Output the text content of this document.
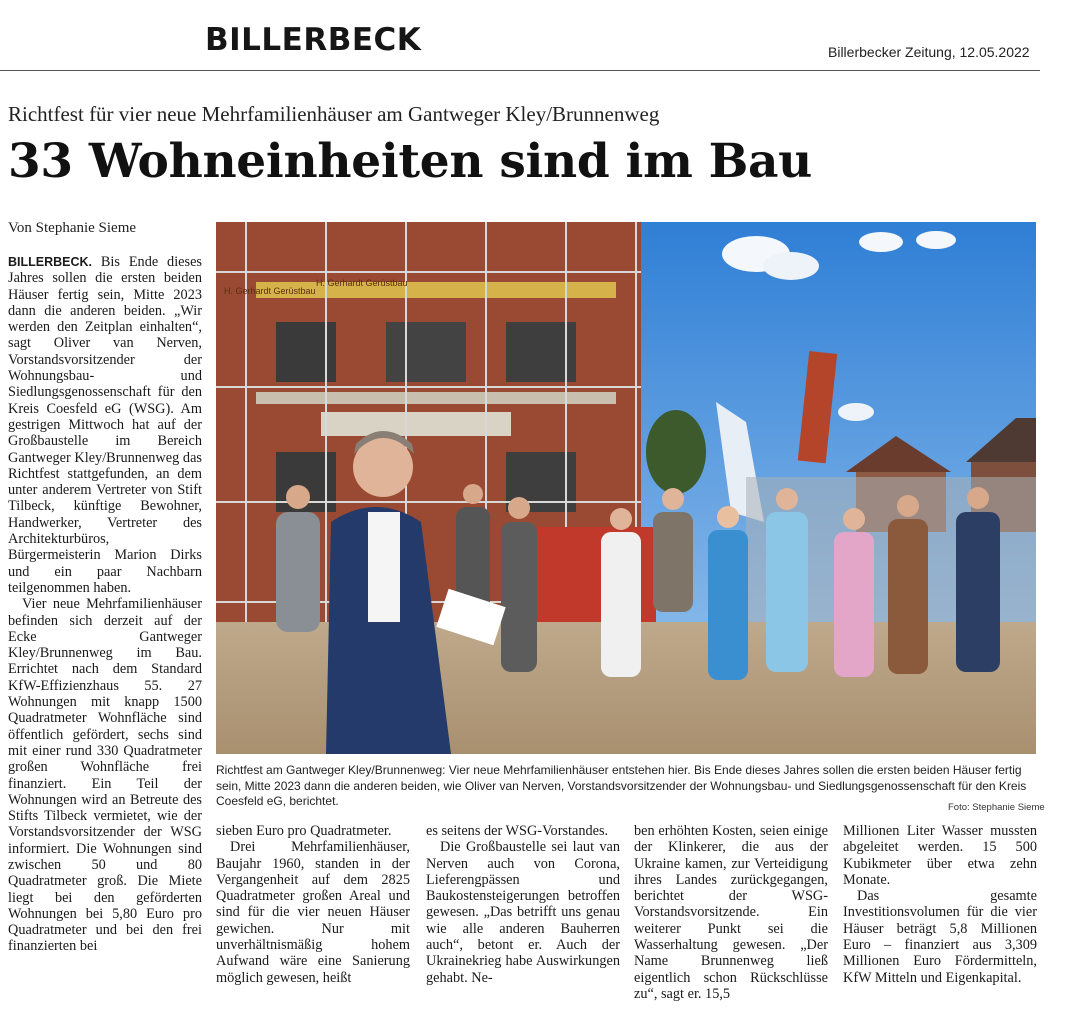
BILLERBECK	Billerbecker Zeitung, 12.05.2022
Richtfest für vier neue Mehrfamilienhäuser am Gantweger Kley/Brunnenweg
33 Wohneinheiten sind im Bau
Von Stephanie Sieme

BILLERBECK. Bis Ende dieses Jahres sollen die ersten beiden Häuser fertig sein, Mitte 2023 dann die anderen beiden. „Wir werden den Zeitplan einhalten“, sagt Oliver van Nerven, Vorstandsvorsitzender der Wohnungsbau- und Siedlungsgenossenschaft für den Kreis Coesfeld eG (WSG). Am gestrigen Mittwoch hat auf der Großbaustelle im Bereich Gantweger Kley/Brunnenweg das Richtfest stattgefunden, an dem unter anderem Vertreter von Stift Tilbeck, künftige Bewohner, Handwerker, Vertreter des Architekturbüros, Bürgermeisterin Marion Dirks und ein paar Nachbarn teilgenommen haben.

Vier neue Mehrfamilienhäuser befinden sich derzeit auf der Ecke Gantweger Kley/Brunnenweg im Bau. Errichtet nach dem Standard KfW-Effizienzhaus 55. 27 Wohnungen mit knapp 1500 Quadratmeter Wohnfläche sind öffentlich gefördert, sechs sind mit einer rund 330 Quadratmeter großen Wohnfläche frei finanziert. Ein Teil der Wohnungen wird an Betreute des Stifts Tilbeck vermietet, wie der Vorstandsvorsitzender der WSG informiert. Die Wohnungen sind zwischen 50 und 80 Quadratmeter groß. Die Miete liegt bei den geförderten Wohnungen bei 5,80 Euro pro Quadratmeter und bei den frei finanzierten bei

H. Gerhardt Gerüstbau
H. Gerhardt Gerüstbau
Richtfest am Gantweger Kley/Brunnenweg: Vier neue Mehrfamilienhäuser entstehen hier. Bis Ende dieses Jahres sollen die ersten beiden Häuser fertig sein, Mitte 2023 dann die anderen beiden, wie Oliver van Nerven, Vorstandsvorsitzender der Wohnungsbau- und Siedlungsgenossenschaft für den Kreis Coesfeld eG, berichtet.	Foto: Stephanie Sieme

sieben Euro pro Quadratmeter.

Drei Mehrfamilienhäuser, Baujahr 1960, standen in der Vergangenheit auf dem 2825 Quadratmeter großen Areal und sind für die vier neuen Häuser gewichen. Nur mit unverhältnismäßig hohem Aufwand wäre eine Sanierung möglich gewesen, heißt

es seitens der WSG-Vorstandes.

Die Großbaustelle sei laut van Nerven auch von Corona, Lieferengpässen und Baukostensteigerungen betroffen gewesen. „Das betrifft uns genau wie alle anderen Bauherren auch“, betont er. Auch der Ukrainekrieg habe Auswirkungen gehabt. Ne-

ben erhöhten Kosten, seien einige der Klinkerer, die aus der Ukraine kamen, zur Verteidigung ihres Landes zurückgegangen, berichtet der WSG-Vorstandsvorsitzende. Ein weiterer Punkt sei die Wasserhaltung gewesen. „Der Name Brunnenweg ließ eigentlich schon Rückschlüsse zu“, sagt er. 15,5

Millionen Liter Wasser mussten abgeleitet werden. 15 500 Kubikmeter über etwa zehn Monate.

Das gesamte Investitionsvolumen für die vier Häuser beträgt 5,8 Millionen Euro – finanziert aus 3,309 Millionen Euro Fördermitteln, KfW Mitteln und Eigenkapital.
